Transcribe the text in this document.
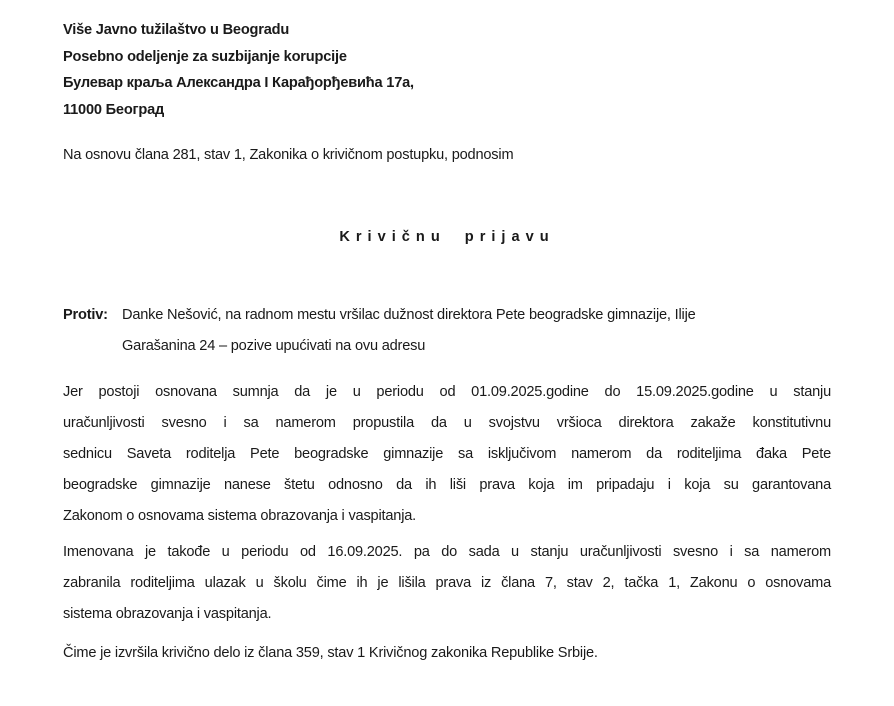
Više Javno tužilaštvo u Beogradu
Posebno odeljenje za suzbijanje korupcije
Булевар краља Александра I Карађорђевића 17а,
11000 Београд
Na osnovu člana 281, stav 1, Zakonika o krivičnom postupku, podnosim
Krivičnu prijavu
Protiv: Danke Nešović, na radnom mestu vršilac dužnost direktora Pete beogradske gimnazije, Ilije
Garašanina 24 – pozive upućivati na ovu adresu
Jer postoji osnovana sumnja da je u periodu od 01.09.2025.godine do 15.09.2025.godine u stanju
uračunljivosti svesno i sa namerom propustila da u svojstvu vršioca direktora zakaže konstitutivnu
sednicu Saveta roditelja Pete beogradske gimnazije sa isključivom namerom da roditeljima đaka Pete
beogradske gimnazije nanese štetu odnosno da ih liši prava koja im pripadaju i koja su garantovana
Zakonom o osnovama sistema obrazovanja i vaspitanja.
Imenovana je takođe u periodu od 16.09.2025. pa do sada u stanju uračunljivosti svesno i sa namerom
zabranila roditeljima ulazak u školu čime ih je lišila prava iz člana 7, stav 2, tačka 1, Zakonu o osnovama
sistema obrazovanja i vaspitanja.
Čime je izvršila krivično delo iz člana 359, stav 1 Krivičnog zakonika Republike Srbije.
